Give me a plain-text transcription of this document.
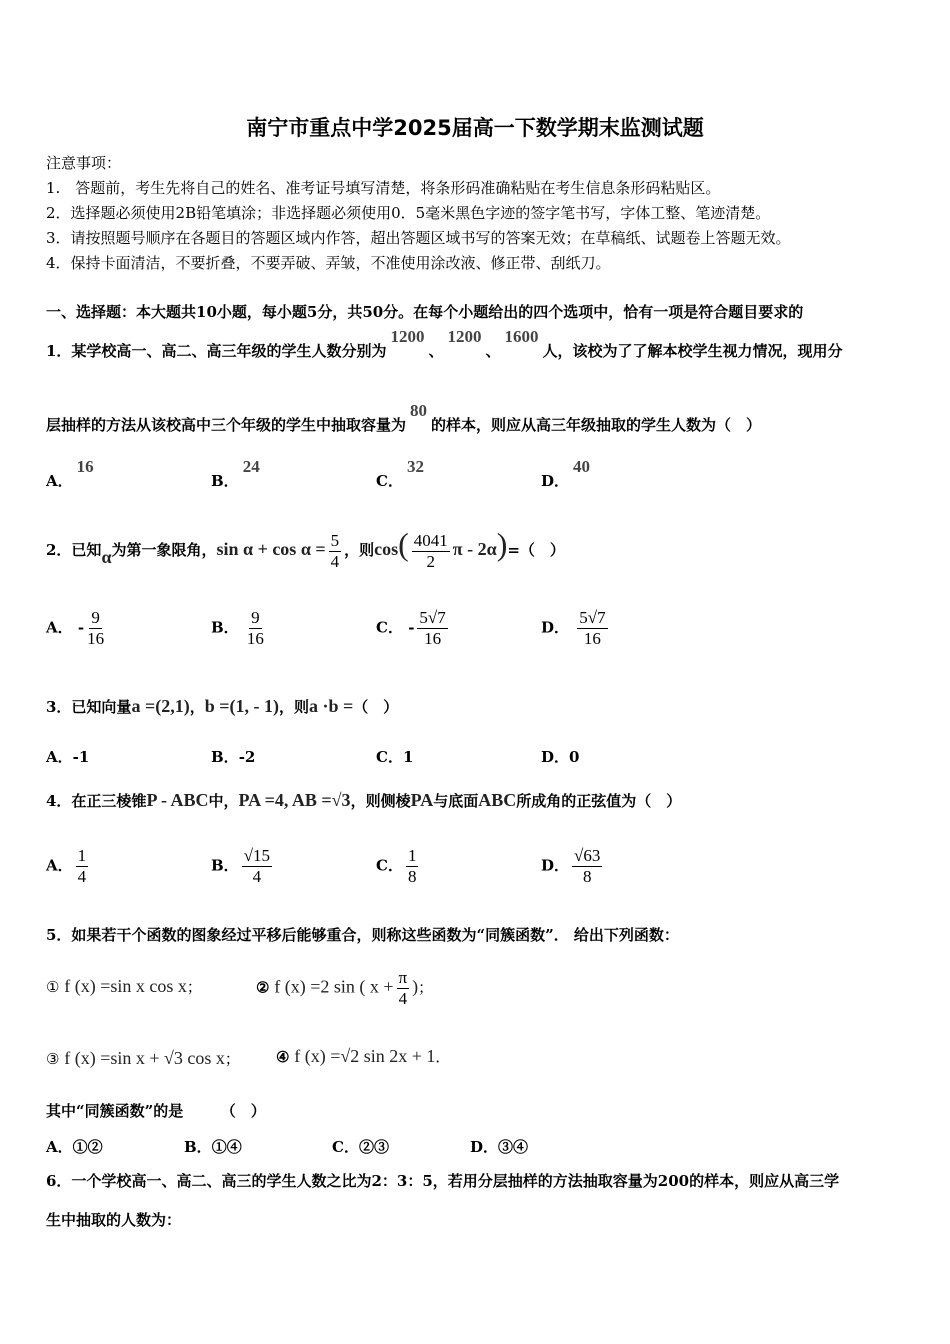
南宁市重点中学2025届高一下数学期末监测试题
注意事项：
1.　答题前，考生先将自己的姓名、准考证号填写清楚，将条形码准确粘贴在考生信息条形码粘贴区。
2．选择题必须使用2B铅笔填涂；非选择题必须使用0．5毫米黑色字迹的签字笔书写，字体工整、笔迹清楚。
3．请按照题号顺序在各题目的答题区域内作答，超出答题区域书写的答案无效；在草稿纸、试题卷上答题无效。
4．保持卡面清洁，不要折叠，不要弄破、弄皱，不准使用涂改液、修正带、刮纸刀。
一、选择题：本大题共10小题，每小题5分，共50分。在每个小题给出的四个选项中，恰有一项是符合题目要求的
1．某学校高一、高二、高三年级的学生人数分别为1200、1200、1600人，该校为了了解本校学生视力情况，现用分
层抽样的方法从该校高中三个年级的学生中抽取容量为80的样本，则应从高三年级抽取的学生人数为（　）
A．16
B．24
C．32
D．40
2．已知α为第一象限角，$\sin \alpha + \cos \alpha = \frac{5}{4}$ ，则$\cos( \frac{4041}{2}$ π - 2α)=（　）
A． - $\frac{9}{16}$	B． $\frac{9}{16}$	C． - $\frac{5√7}{16}$	D． $\frac{5√7}{16}$
3．已知向量a =(2,1)，b =(1, - 1)，则a ·b =（　）
A．-1	B．-2	C．1	D．0
4．在正三棱锥P - ABC中，PA =4, AB =√3，则侧棱PA与底面ABC所成角的正弦值为（　）
A． $\frac{1}{4}$	B． $\frac{√15}{4}$	C． $\frac{1}{8}$	D． $\frac{√63}{8}$
5．如果若干个函数的图象经过平移后能够重合，则称这些函数为“同簇函数”． 给出下列函数：
① f (x) =sin x cos x；	② f (x) =2 sin ( $x + \frac{\pi}{4}$ )；
③ f (x) =sin x + √3 cos x； ④ f (x) =√2 sin 2x + 1．
其中“同簇函数”的是　　　（　）
A．①②	B．①④	C．②③	D．③④
6．一个学校高一、高二、高三的学生人数之比为2：3：5，若用分层抽样的方法抽取容量为200的样本，则应从高三学
生中抽取的人数为：
